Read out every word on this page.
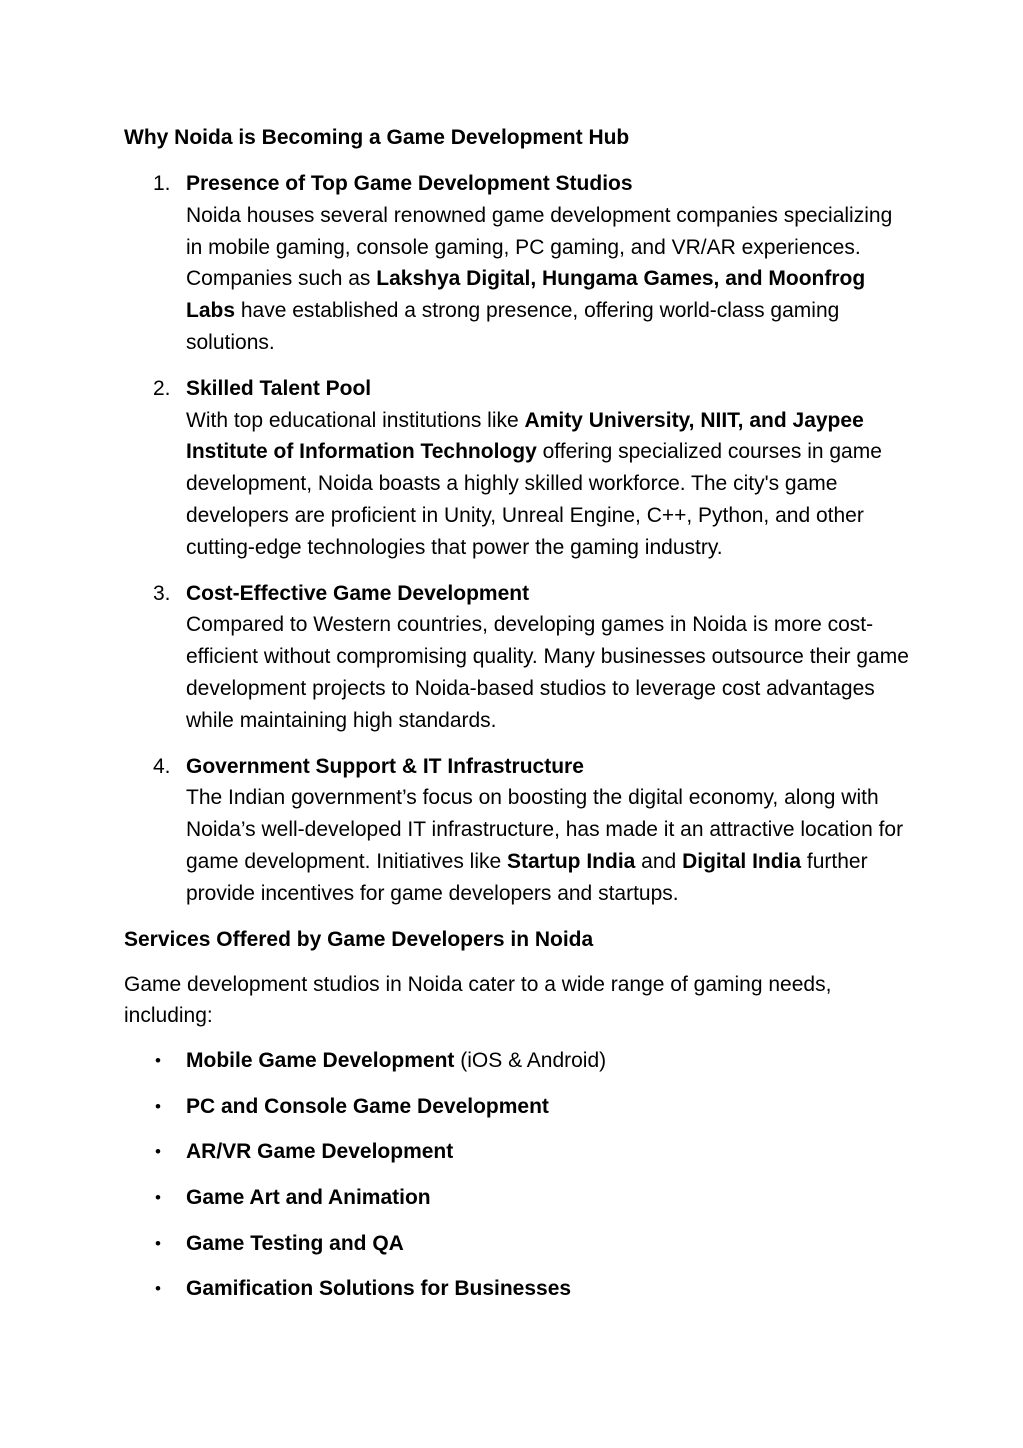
Why Noida is Becoming a Game Development Hub
1. Presence of Top Game Development Studios
Noida houses several renowned game development companies specializing in mobile gaming, console gaming, PC gaming, and VR/AR experiences. Companies such as Lakshya Digital, Hungama Games, and Moonfrog Labs have established a strong presence, offering world-class gaming solutions.
2. Skilled Talent Pool
With top educational institutions like Amity University, NIIT, and Jaypee Institute of Information Technology offering specialized courses in game development, Noida boasts a highly skilled workforce. The city's game developers are proficient in Unity, Unreal Engine, C++, Python, and other cutting-edge technologies that power the gaming industry.
3. Cost-Effective Game Development
Compared to Western countries, developing games in Noida is more cost-efficient without compromising quality. Many businesses outsource their game development projects to Noida-based studios to leverage cost advantages while maintaining high standards.
4. Government Support & IT Infrastructure
The Indian government’s focus on boosting the digital economy, along with Noida’s well-developed IT infrastructure, has made it an attractive location for game development. Initiatives like Startup India and Digital India further provide incentives for game developers and startups.
Services Offered by Game Developers in Noida

Game development studios in Noida cater to a wide range of gaming needs, including:

• Mobile Game Development (iOS & Android)
• PC and Console Game Development
• AR/VR Game Development
• Game Art and Animation
• Game Testing and QA
• Gamification Solutions for Businesses
